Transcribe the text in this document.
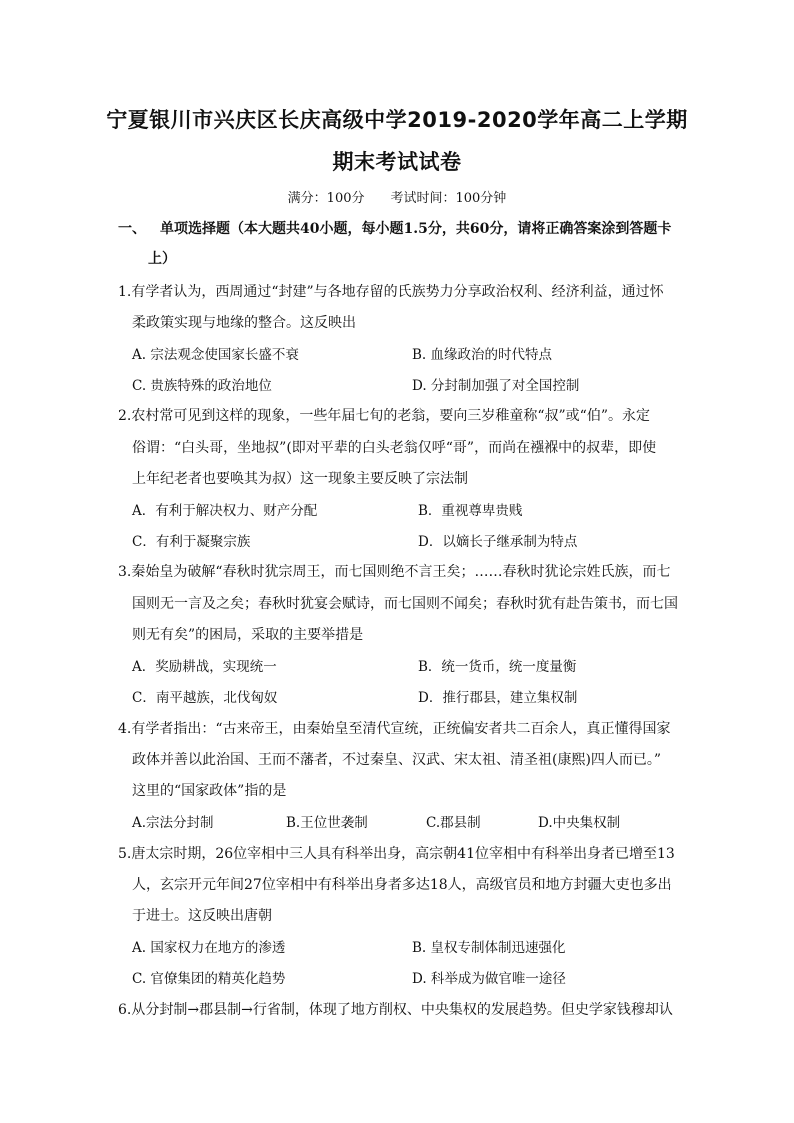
宁夏银川市兴庆区长庆高级中学2019-2020学年高二上学期
期末考试试卷
满分：100分　　考试时间：100分钟
一、 单项选择题（本大题共40小题，每小题1.5分，共60分，请将正确答案涂到答题卡
上）
1.有学者认为，西周通过“封建”与各地存留的氏族势力分享政治权利、经济利益，通过怀
柔政策实现与地缘的整合。这反映出
A. 宗法观念使国家长盛不衰	B. 血缘政治的时代特点
C. 贵族特殊的政治地位	D. 分封制加强了对全国控制
2.农村常可见到这样的现象，一些年届七旬的老翁，要向三岁稚童称“叔”或“伯”。永定
俗谓：“白头哥，坐地叔”(即对平辈的白头老翁仅呼“哥”，而尚在襁褓中的叔辈，即使
上年纪老者也要唤其为叔）这一现象主要反映了宗法制
A．有利于解决权力、财产分配	B．重视尊卑贵贱
C．有利于凝聚宗族	D．以嫡长子继承制为特点
3.秦始皇为破解“春秋时犹宗周王，而七国则绝不言王矣；……春秋时犹论宗姓氏族，而七
国则无一言及之矣；春秋时犹宴会赋诗，而七国则不闻矣；春秋时犹有赴告策书，而七国
则无有矣”的困局，采取的主要举措是
A．奖励耕战，实现统一	B．统一货币，统一度量衡
C．南平越族，北伐匈奴	D．推行郡县，建立集权制
4.有学者指出：“古来帝王，由秦始皇至清代宣统，正统偏安者共二百余人，真正懂得国家
政体并善以此治国、王而不藩者，不过秦皇、汉武、宋太祖、清圣祖(康熙)四人而已。”
这里的“国家政体”指的是
A.宗法分封制	B.王位世袭制	C.郡县制	D.中央集权制
5.唐太宗时期，26位宰相中三人具有科举出身，高宗朝41位宰相中有科举出身者已增至13
人，玄宗开元年间27位宰相中有科举出身者多达18人，高级官员和地方封疆大吏也多出
于进士。这反映出唐朝
A. 国家权力在地方的渗透	B. 皇权专制体制迅速强化
C. 官僚集团的精英化趋势	D. 科举成为做官唯一途径
6.从分封制→郡县制→行省制，体现了地方削权、中央集权的发展趋势。但史学家钱穆却认
